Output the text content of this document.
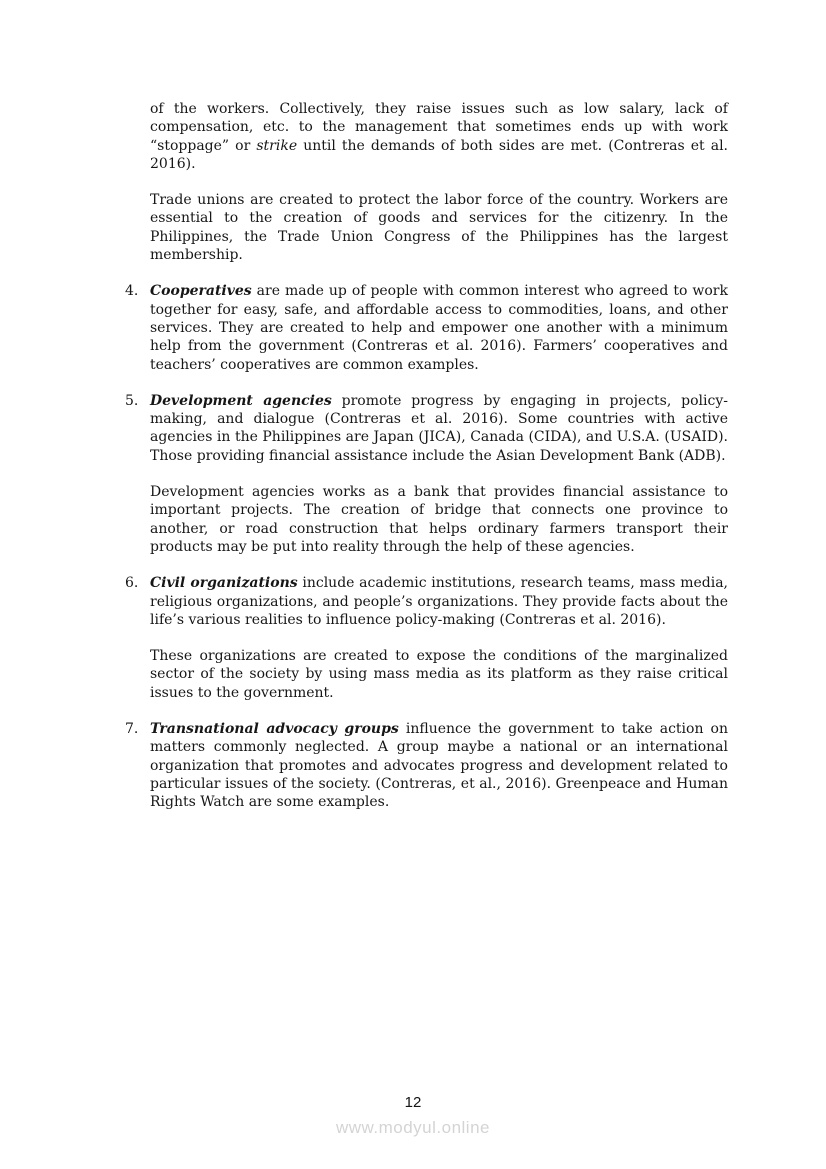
of the workers. Collectively, they raise issues such as low salary, lack of compensation, etc. to the management that sometimes ends up with work “stoppage” or strike until the demands of both sides are met. (Contreras et al. 2016).
Trade unions are created to protect the labor force of the country. Workers are essential to the creation of goods and services for the citizenry. In the Philippines, the Trade Union Congress of the Philippines has the largest membership.
4. Cooperatives are made up of people with common interest who agreed to work together for easy, safe, and affordable access to commodities, loans, and other services. They are created to help and empower one another with a minimum help from the government (Contreras et al. 2016). Farmers’ cooperatives and teachers’ cooperatives are common examples.
5. Development agencies promote progress by engaging in projects, policy-making, and dialogue (Contreras et al. 2016). Some countries with active agencies in the Philippines are Japan (JICA), Canada (CIDA), and U.S.A. (USAID). Those providing financial assistance include the Asian Development Bank (ADB).
Development agencies works as a bank that provides financial assistance to important projects. The creation of bridge that connects one province to another, or road construction that helps ordinary farmers transport their products may be put into reality through the help of these agencies.
6. Civil organizations include academic institutions, research teams, mass media, religious organizations, and people’s organizations. They provide facts about the life’s various realities to influence policy-making (Contreras et al. 2016).
These organizations are created to expose the conditions of the marginalized sector of the society by using mass media as its platform as they raise critical issues to the government.
7. Transnational advocacy groups influence the government to take action on matters commonly neglected. A group maybe a national or an international organization that promotes and advocates progress and development related to particular issues of the society. (Contreras, et al., 2016). Greenpeace and Human Rights Watch are some examples.
12
www.modyul.online
